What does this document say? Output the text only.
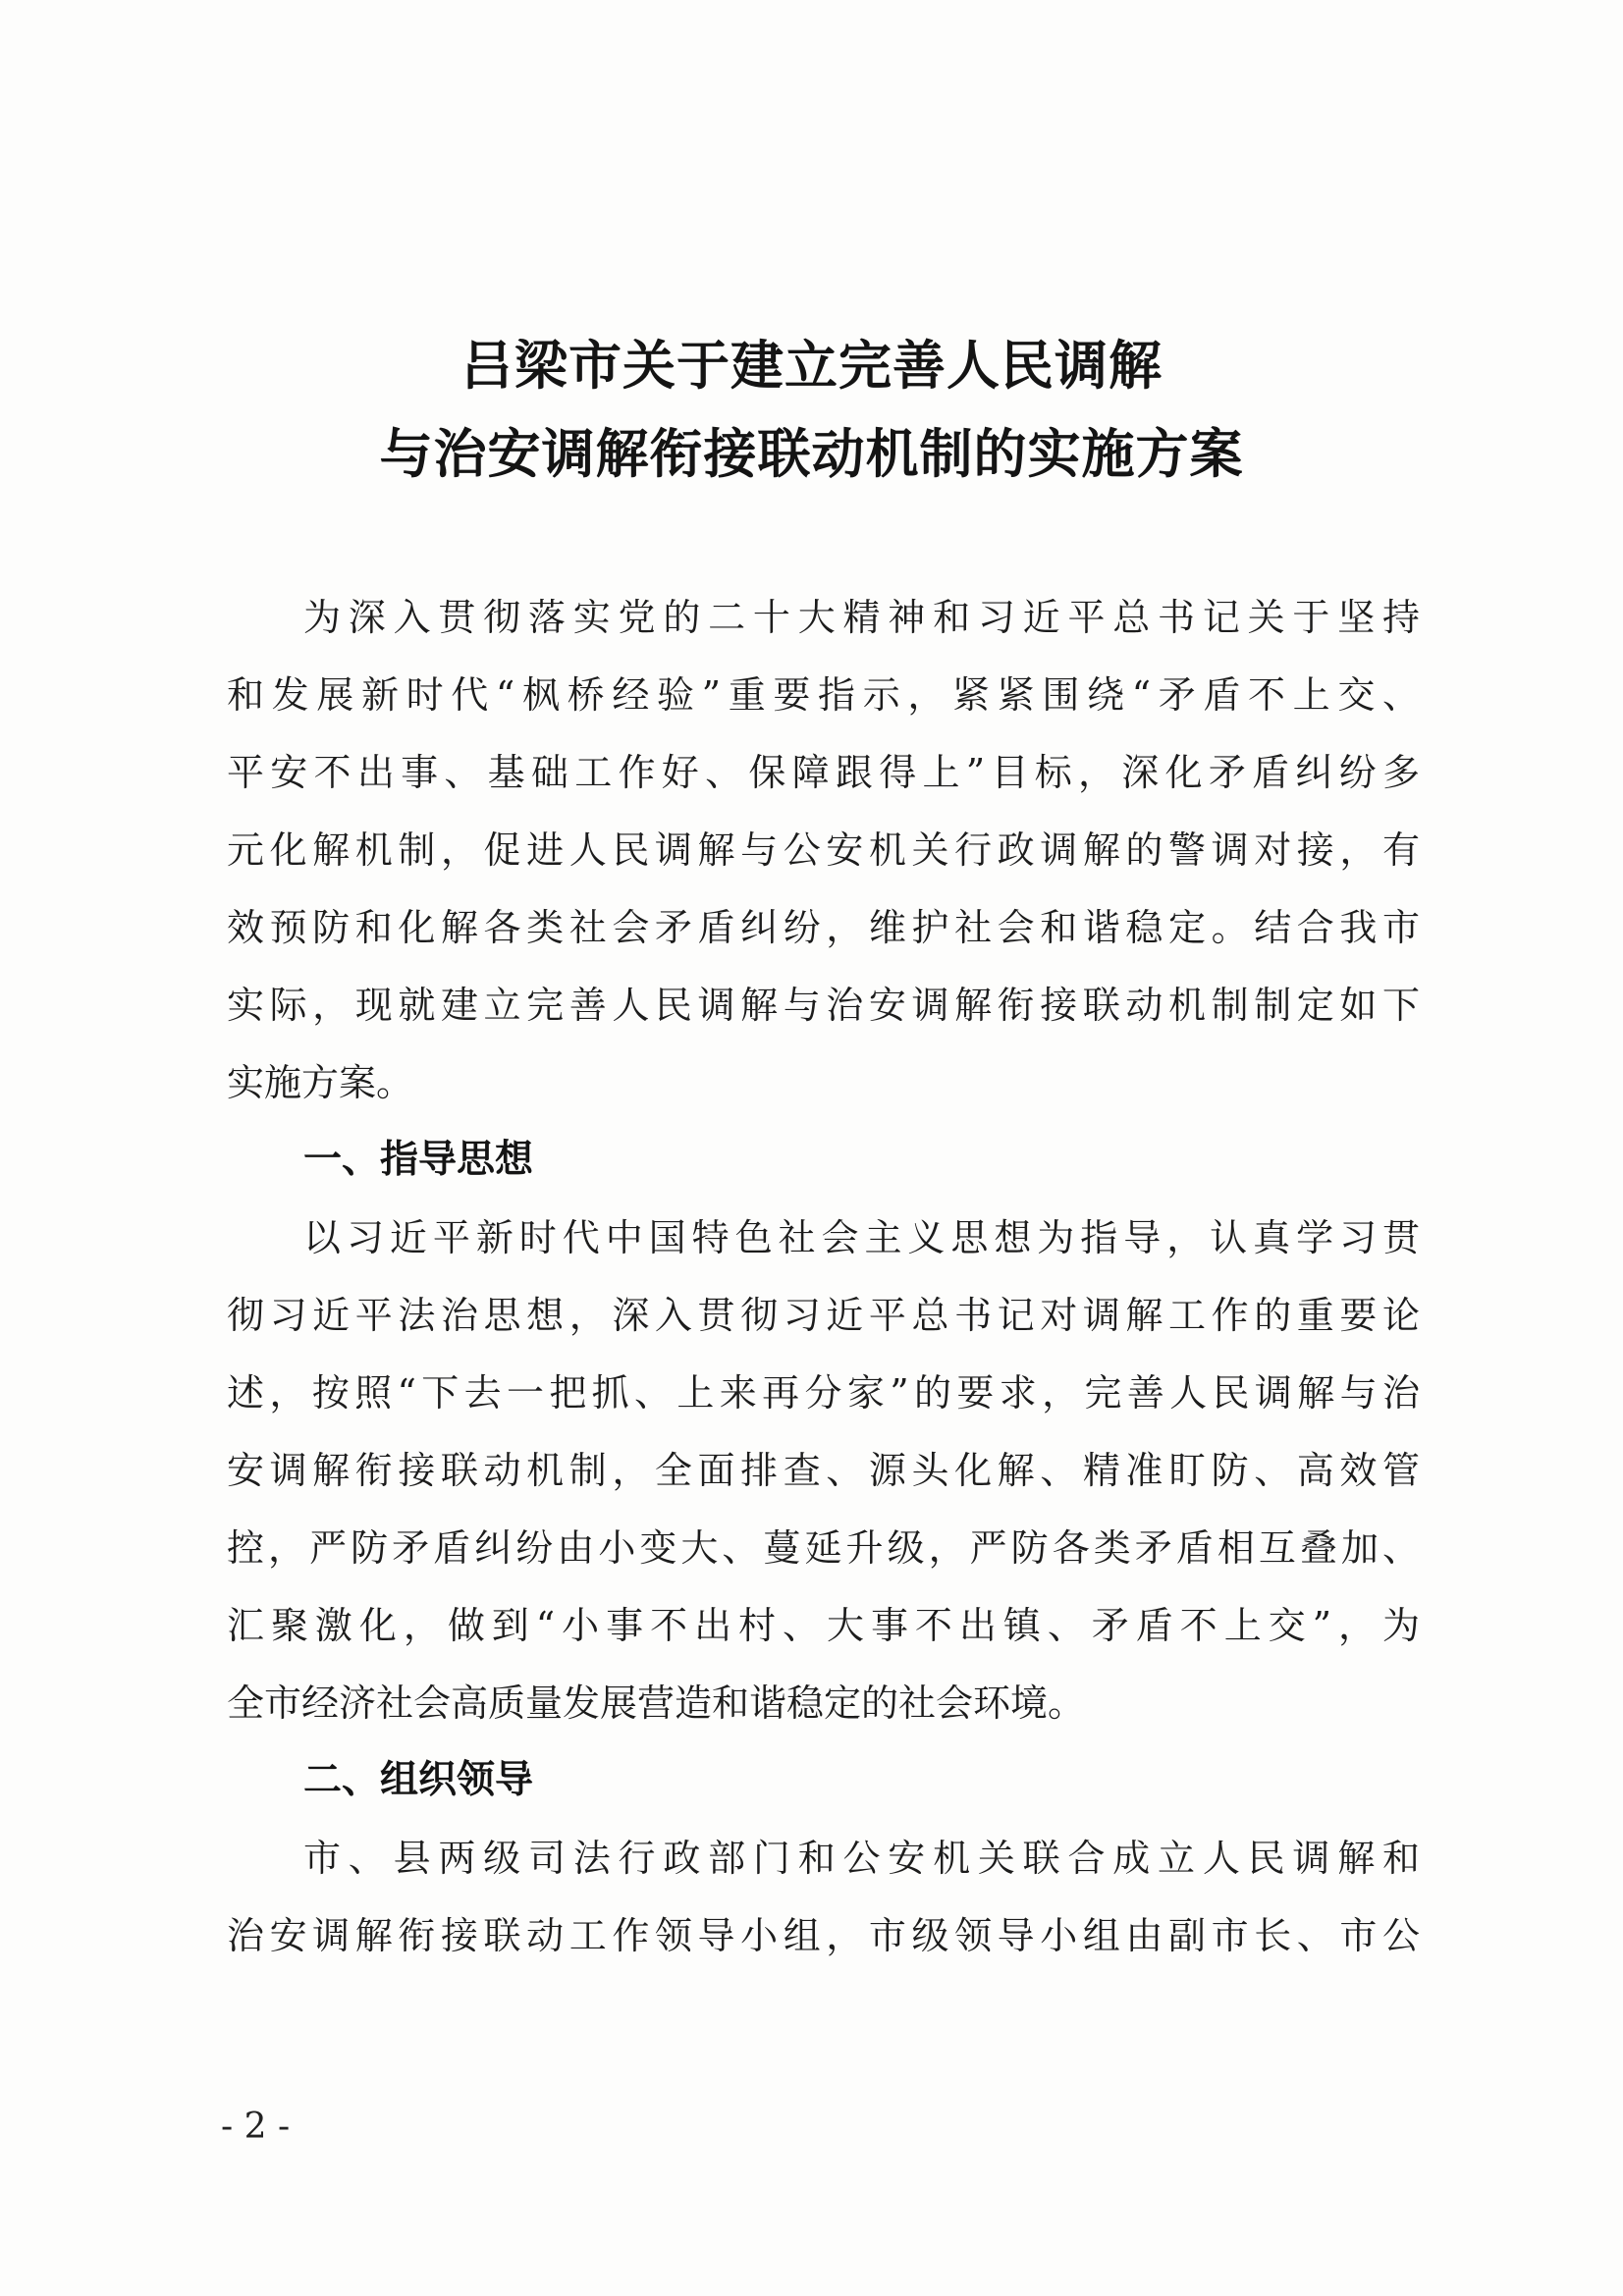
吕梁市关于建立完善人民调解
与治安调解衔接联动机制的实施方案
为深入贯彻落实党的二十大精神和习近平总书记关于坚持
和发展新时代“枫桥经验”重要指示，紧紧围绕“矛盾不上交、
平安不出事、基础工作好、保障跟得上”目标，深化矛盾纠纷多
元化解机制，促进人民调解与公安机关行政调解的警调对接，有
效预防和化解各类社会矛盾纠纷，维护社会和谐稳定。结合我市
实际，现就建立完善人民调解与治安调解衔接联动机制制定如下
实施方案。
一、指导思想
以习近平新时代中国特色社会主义思想为指导，认真学习贯
彻习近平法治思想，深入贯彻习近平总书记对调解工作的重要论
述，按照“下去一把抓、上来再分家”的要求，完善人民调解与治
安调解衔接联动机制，全面排查、源头化解、精准盯防、高效管
控，严防矛盾纠纷由小变大、蔓延升级，严防各类矛盾相互叠加、
汇聚激化，做到“小事不出村、大事不出镇、矛盾不上交”，为
全市经济社会高质量发展营造和谐稳定的社会环境。
二、组织领导
市、县两级司法行政部门和公安机关联合成立人民调解和
治安调解衔接联动工作领导小组，市级领导小组由副市长、市公
- 2 -
